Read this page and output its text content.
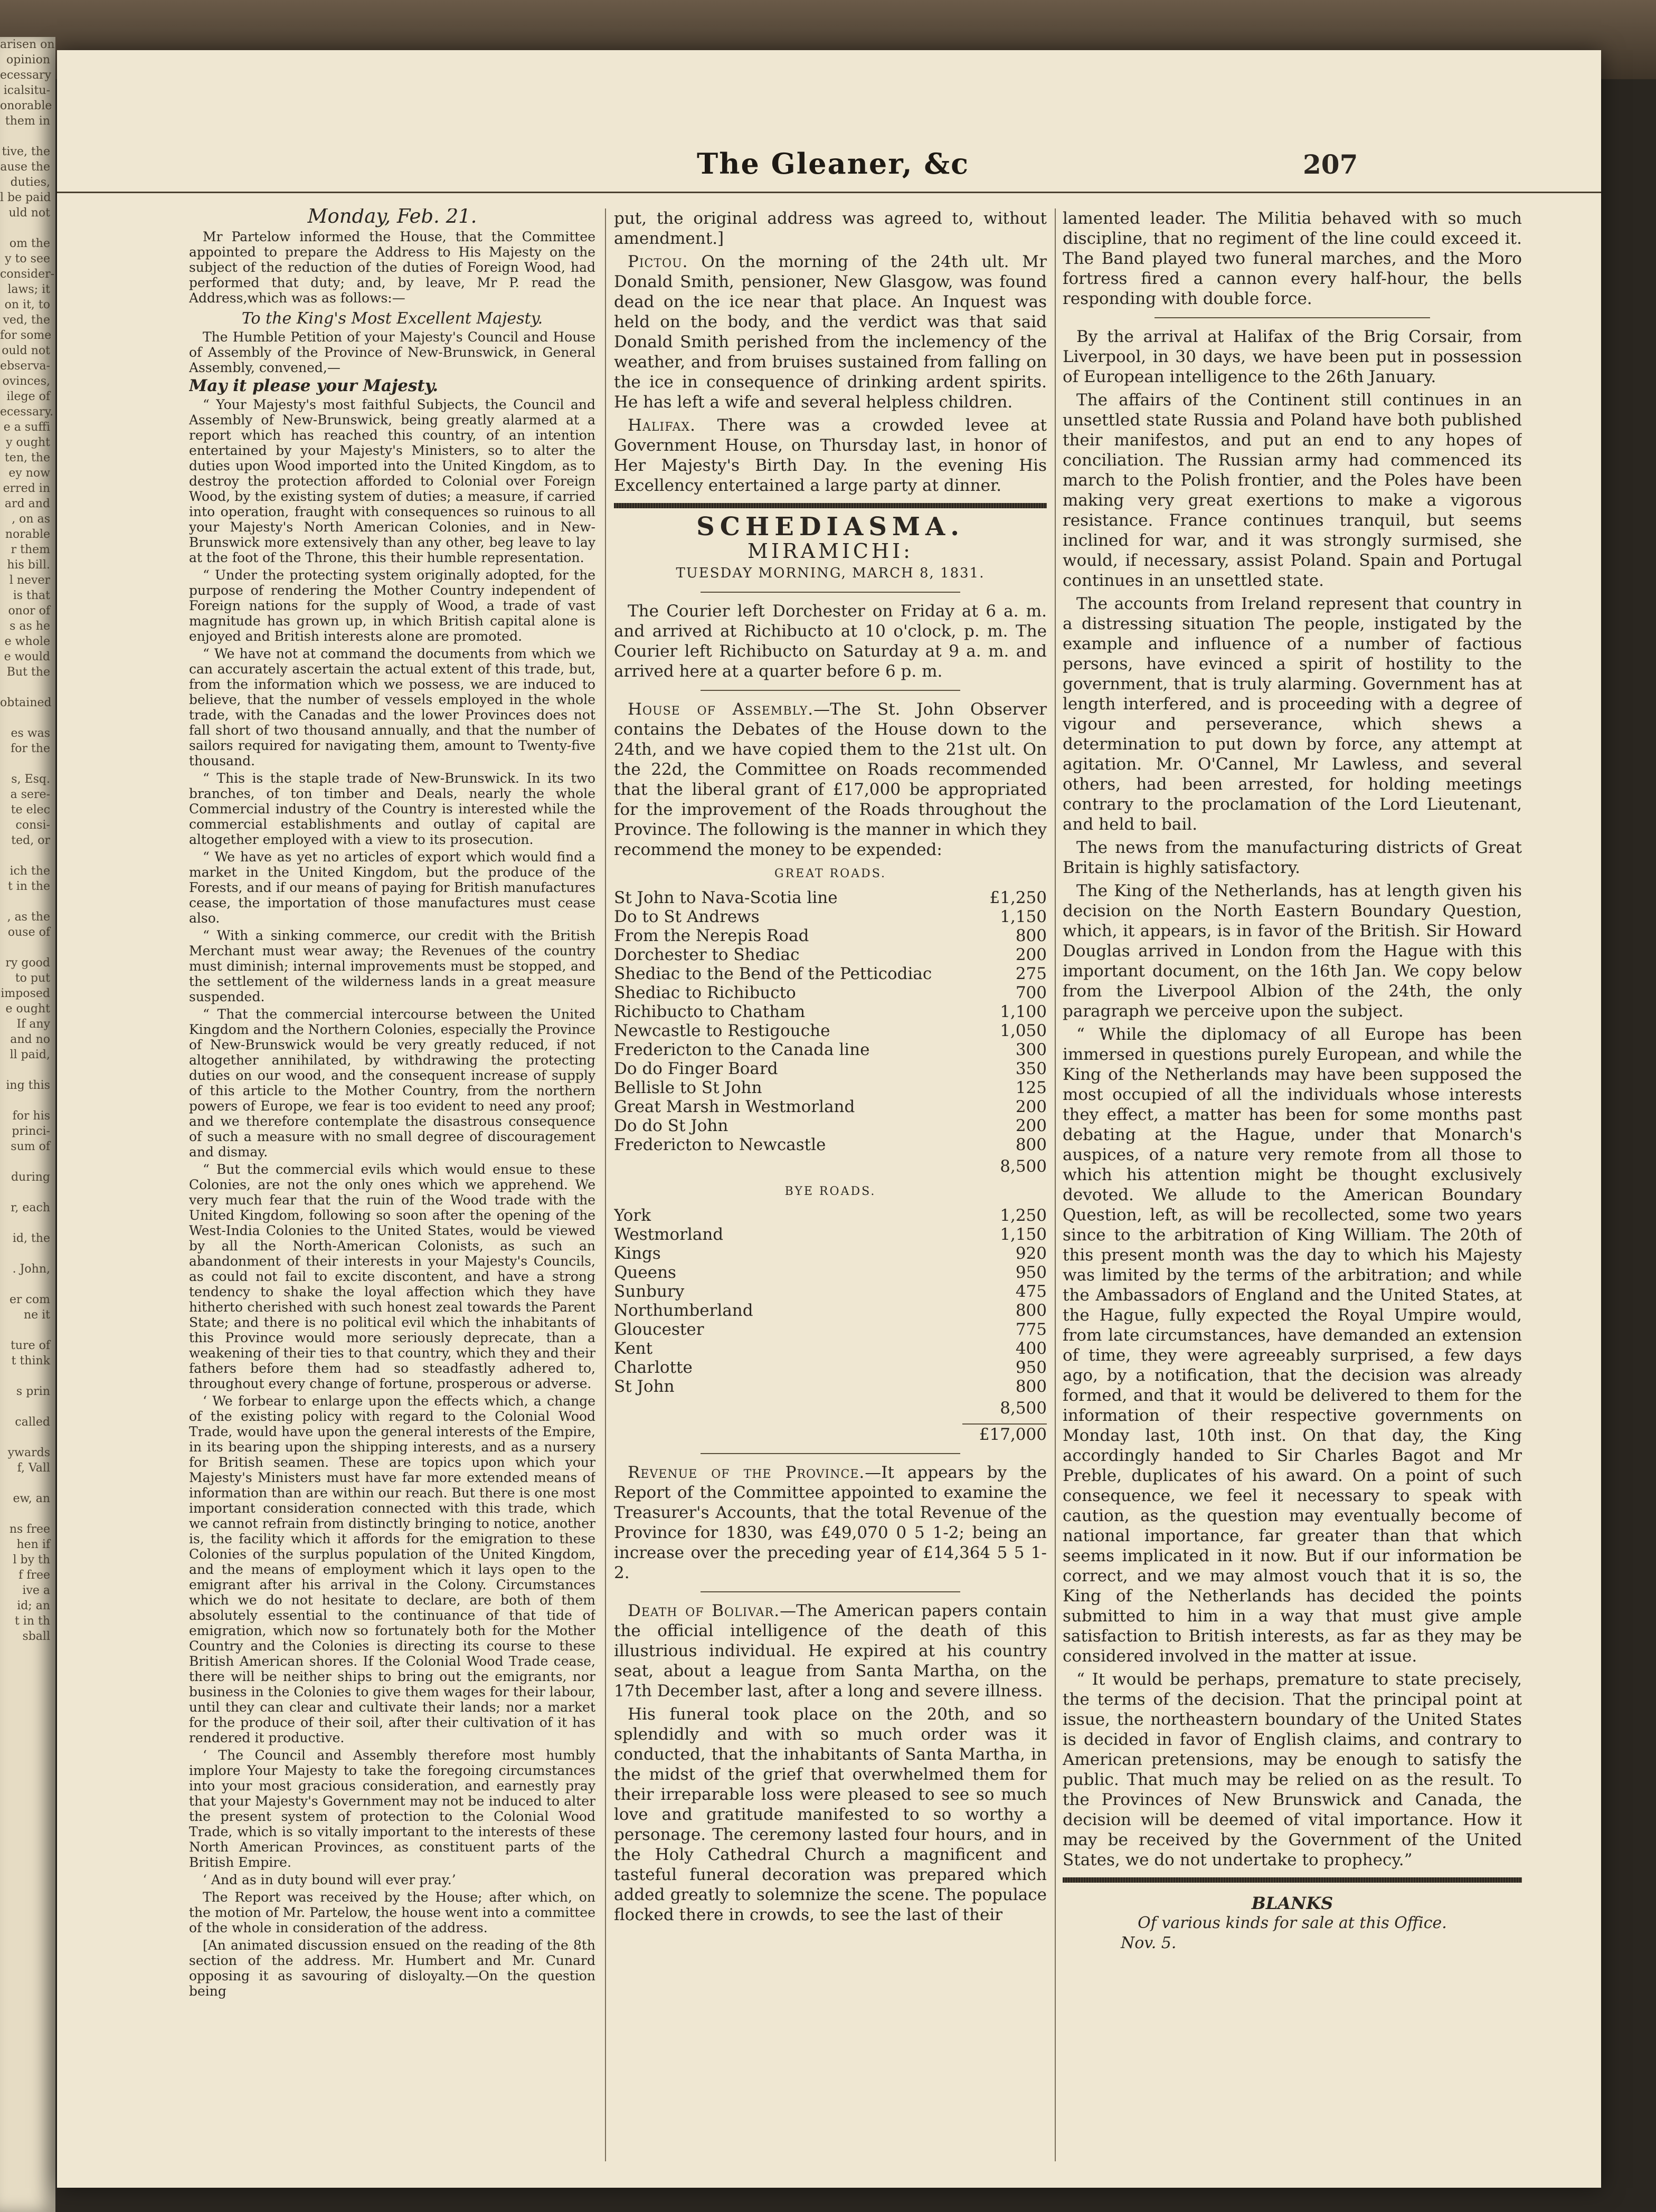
arisen on
opinion
ecessary
icalsitu-
onorable
them in

tive, the
ause the
duties,
l be paid
uld not

om the
y to see
consider-
laws; it
on it, to
ved, the
for some
ould not
ebserva-
ovinces,
ilege of
ecessary.
e a suffi
y ought
ten, the
ey now
erred in
ard and
, on as
norable
r them
his bill.
l never
is that
onor of
s as he
e whole
e would
But the

obtained

es was
for the

s, Esq.
a sere-
te elec
consi-
ted, or

ich the
t in the

, as the
ouse of

ry good
to put
imposed
e ought
If any
and no
ll paid,

ing this

for his
princi-
sum of

during

r, each

id, the

. John,

er com
ne it

ture of
t think

s prin

called

ywards
f, Vall

ew, an

ns free
hen if
l by th
f free
ive a
id; an
t in th
sball
The Gleaner, &c	207
Monday, Feb. 21.

Mr Partelow informed the House, that the Committee appointed to prepare the Address to His Majesty on the subject of the reduction of the duties of Foreign Wood, had performed that duty; and, by leave, Mr P. read the Address,which was as follows:—

To the King's Most Excellent Majesty.

The Humble Petition of your Majesty's Council and House of Assembly of the Province of New-Brunswick, in General Assembly, convened,—

May it please your Majesty.

“ Your Majesty's most faithful Subjects, the Council and Assembly of New-Brunswick, being greatly alarmed at a report which has reached this country, of an intention entertained by your Majesty's Ministers, so to alter the duties upon Wood imported into the United Kingdom, as to destroy the protection afforded to Colonial over Foreign Wood, by the existing system of duties; a measure, if carried into operation, fraught with consequences so ruinous to all your Majesty's North American Colonies, and in New-Brunswick more extensively than any other, beg leave to lay at the foot of the Throne, this their humble representation.

“ Under the protecting system originally adopted, for the purpose of rendering the Mother Country independent of Foreign nations for the supply of Wood, a trade of vast magnitude has grown up, in which British capital alone is enjoyed and British interests alone are promoted.

“ We have not at command the documents from which we can accurately ascertain the actual extent of this trade, but, from the information which we possess, we are induced to believe, that the number of vessels employed in the whole trade, with the Canadas and the lower Provinces does not fall short of two thousand annually, and that the number of sailors required for navigating them, amount to Twenty-five thousand.

“ This is the staple trade of New-Brunswick. In its two branches, of ton timber and Deals, nearly the whole Commercial industry of the Country is interested while the commercial establishments and outlay of capital are altogether employed with a view to its prosecution.

“ We have as yet no articles of export which would find a market in the United Kingdom, but the produce of the Forests, and if our means of paying for British manufactures cease, the importation of those manufactures must cease also.

“ With a sinking commerce, our credit with the British Merchant must wear away; the Revenues of the country must diminish; internal improvements must be stopped, and the settlement of the wilderness lands in a great measure suspended.

“ That the commercial intercourse between the United Kingdom and the Northern Colonies, especially the Province of New-Brunswick would be very greatly reduced, if not altogether annihilated, by withdrawing the protecting duties on our wood, and the consequent increase of supply of this article to the Mother Country, from the northern powers of Europe, we fear is too evident to need any proof; and we therefore contemplate the disastrous consequence of such a measure with no small degree of discouragement and dismay.

“ But the commercial evils which would ensue to these Colonies, are not the only ones which we apprehend. We very much fear that the ruin of the Wood trade with the United Kingdom, following so soon after the opening of the West-India Colonies to the United States, would be viewed by all the North-American Colonists, as such an abandonment of their interests in your Majesty's Councils, as could not fail to excite discontent, and have a strong tendency to shake the loyal affection which they have hitherto cherished with such honest zeal towards the Parent State; and there is no political evil which the inhabitants of this Province would more seriously deprecate, than a weakening of their ties to that country, which they and their fathers before them had so steadfastly adhered to, throughout every change of fortune, prosperous or adverse.

‘ We forbear to enlarge upon the effects which, a change of the existing policy with regard to the Colonial Wood Trade, would have upon the general interests of the Empire, in its bearing upon the shipping interests, and as a nursery for British seamen. These are topics upon which your Majesty's Ministers must have far more extended means of information than are within our reach. But there is one most important consideration connected with this trade, which we cannot refrain from distinctly bringing to notice, another is, the facility which it affords for the emigration to these Colonies of the surplus population of the United Kingdom, and the means of employment which it lays open to the emigrant after his arrival in the Colony. Circumstances which we do not hesitate to declare, are both of them absolutely essential to the continuance of that tide of emigration, which now so fortunately both for the Mother Country and the Colonies is directing its course to these British American shores. If the Colonial Wood Trade cease, there will be neither ships to bring out the emigrants, nor business in the Colonies to give them wages for their labour, until they can clear and cultivate their lands; nor a market for the produce of their soil, after their cultivation of it has rendered it productive.

‘ The Council and Assembly therefore most humbly implore Your Majesty to take the foregoing circumstances into your most gracious consideration, and earnestly pray that your Majesty's Government may not be induced to alter the present system of protection to the Colonial Wood Trade, which is so vitally important to the interests of these North American Provinces, as constituent parts of the British Empire.

‘ And as in duty bound will ever pray.’

The Report was received by the House; after which, on the motion of Mr. Partelow, the house went into a committee of the whole in consideration of the address.

[An animated discussion ensued on the reading of the 8th section of the address. Mr. Humbert and Mr. Cunard opposing it as savouring of disloyalty.—On the question being

put, the original address was agreed to, without amendment.]

Pictou. On the morning of the 24th ult. Mr Donald Smith, pensioner, New Glasgow, was found dead on the ice near that place. An Inquest was held on the body, and the verdict was that said Donald Smith perished from the inclemency of the weather, and from bruises sustained from falling on the ice in consequence of drinking ardent spirits. He has left a wife and several helpless children.

Halifax. There was a crowded levee at Government House, on Thursday last, in honor of Her Majesty's Birth Day. In the evening His Excellency entertained a large party at dinner.

SCHEDIASMA.
MIRAMICHI:
TUESDAY MORNING, MARCH 8, 1831.

The Courier left Dorchester on Friday at 6 a. m. and arrived at Richibucto at 10 o'clock, p. m. The Courier left Richibucto on Saturday at 9 a. m. and arrived here at a quarter before 6 p. m.

House of Assembly.—The St. John Observer contains the Debates of the House down to the 24th, and we have copied them to the 21st ult. On the 22d, the Committee on Roads recommended that the liberal grant of £17,000 be appropriated for the improvement of the Roads throughout the Province. The following is the manner in which they recommend the money to be expended:

GREAT ROADS.
St John to Nava-Scotia line	£1,250
Do to St Andrews	1,150
From the Nerepis Road	800
Dorchester to Shediac	200
Shediac to the Bend of the Petticodiac	275
Shediac to Richibucto	700
Richibucto to Chatham	1,100
Newcastle to Restigouche	1,050
Fredericton to the Canada line	300
Do do Finger Board	350
Bellisle to St John	125
Great Marsh in Westmorland	200
Do do St John	200
Fredericton to Newcastle	800
8,500
BYE ROADS.
York	1,250
Westmorland	1,150
Kings	920
Queens	950
Sunbury	475
Northumberland	800
Gloucester	775
Kent	400
Charlotte	950
St John	800
8,500
£17,000

Revenue of the Province.—It appears by the Report of the Committee appointed to examine the Treasurer's Accounts, that the total Revenue of the Province for 1830, was £49,070 0 5 1-2; being an increase over the preceding year of £14,364 5 5 1-2.

Death of Bolivar.—The American papers contain the official intelligence of the death of this illustrious individual. He expired at his country seat, about a league from Santa Martha, on the 17th December last, after a long and severe illness.

His funeral took place on the 20th, and so splendidly and with so much order was it conducted, that the inhabitants of Santa Martha, in the midst of the grief that overwhelmed them for their irreparable loss were pleased to see so much love and gratitude manifested to so worthy a personage. The ceremony lasted four hours, and in the Holy Cathedral Church a magnificent and tasteful funeral decoration was prepared which added greatly to solemnize the scene. The populace flocked there in crowds, to see the last of their

lamented leader. The Militia behaved with so much discipline, that no regiment of the line could exceed it. The Band played two funeral marches, and the Moro fortress fired a cannon every half-hour, the bells responding with double force.

By the arrival at Halifax of the Brig Corsair, from Liverpool, in 30 days, we have been put in possession of European intelligence to the 26th January.

The affairs of the Continent still continues in an unsettled state Russia and Poland have both published their manifestos, and put an end to any hopes of conciliation. The Russian army had commenced its march to the Polish frontier, and the Poles have been making very great exertions to make a vigorous resistance. France continues tranquil, but seems inclined for war, and it was strongly surmised, she would, if necessary, assist Poland. Spain and Portugal continues in an unsettled state.

The accounts from Ireland represent that country in a distressing situation The people, instigated by the example and influence of a number of factious persons, have evinced a spirit of hostility to the government, that is truly alarming. Government has at length interfered, and is proceeding with a degree of vigour and perseverance, which shews a determination to put down by force, any attempt at agitation. Mr. O'Cannel, Mr Lawless, and several others, had been arrested, for holding meetings contrary to the proclamation of the Lord Lieutenant, and held to bail.

The news from the manufacturing districts of Great Britain is highly satisfactory.

The King of the Netherlands, has at length given his decision on the North Eastern Boundary Question, which, it appears, is in favor of the British. Sir Howard Douglas arrived in London from the Hague with this important document, on the 16th Jan. We copy below from the Liverpool Albion of the 24th, the only paragraph we perceive upon the subject.

“ While the diplomacy of all Europe has been immersed in questions purely European, and while the King of the Netherlands may have been supposed the most occupied of all the individuals whose interests they effect, a matter has been for some months past debating at the Hague, under that Monarch's auspices, of a nature very remote from all those to which his attention might be thought exclusively devoted. We allude to the American Boundary Question, left, as will be recollected, some two years since to the arbitration of King William. The 20th of this present month was the day to which his Majesty was limited by the terms of the arbitration; and while the Ambassadors of England and the United States, at the Hague, fully expected the Royal Umpire would, from late circumstances, have demanded an extension of time, they were agreeably surprised, a few days ago, by a notification, that the decision was already formed, and that it would be delivered to them for the information of their respective governments on Monday last, 10th inst. On that day, the King accordingly handed to Sir Charles Bagot and Mr Preble, duplicates of his award. On a point of such consequence, we feel it necessary to speak with caution, as the question may eventually become of national importance, far greater than that which seems implicated in it now. But if our information be correct, and we may almost vouch that it is so, the King of the Netherlands has decided the points submitted to him in a way that must give ample satisfaction to British interests, as far as they may be considered involved in the matter at issue.

“ It would be perhaps, premature to state precisely, the terms of the decision. That the principal point at issue, the northeastern boundary of the United States is decided in favor of English claims, and contrary to American pretensions, may be enough to satisfy the public. That much may be relied on as the result. To the Provinces of New Brunswick and Canada, the decision will be deemed of vital importance. How it may be received by the Government of the United States, we do not undertake to prophecy.”

BLANKS
Of various kinds for sale at this Office.
Nov. 5.
